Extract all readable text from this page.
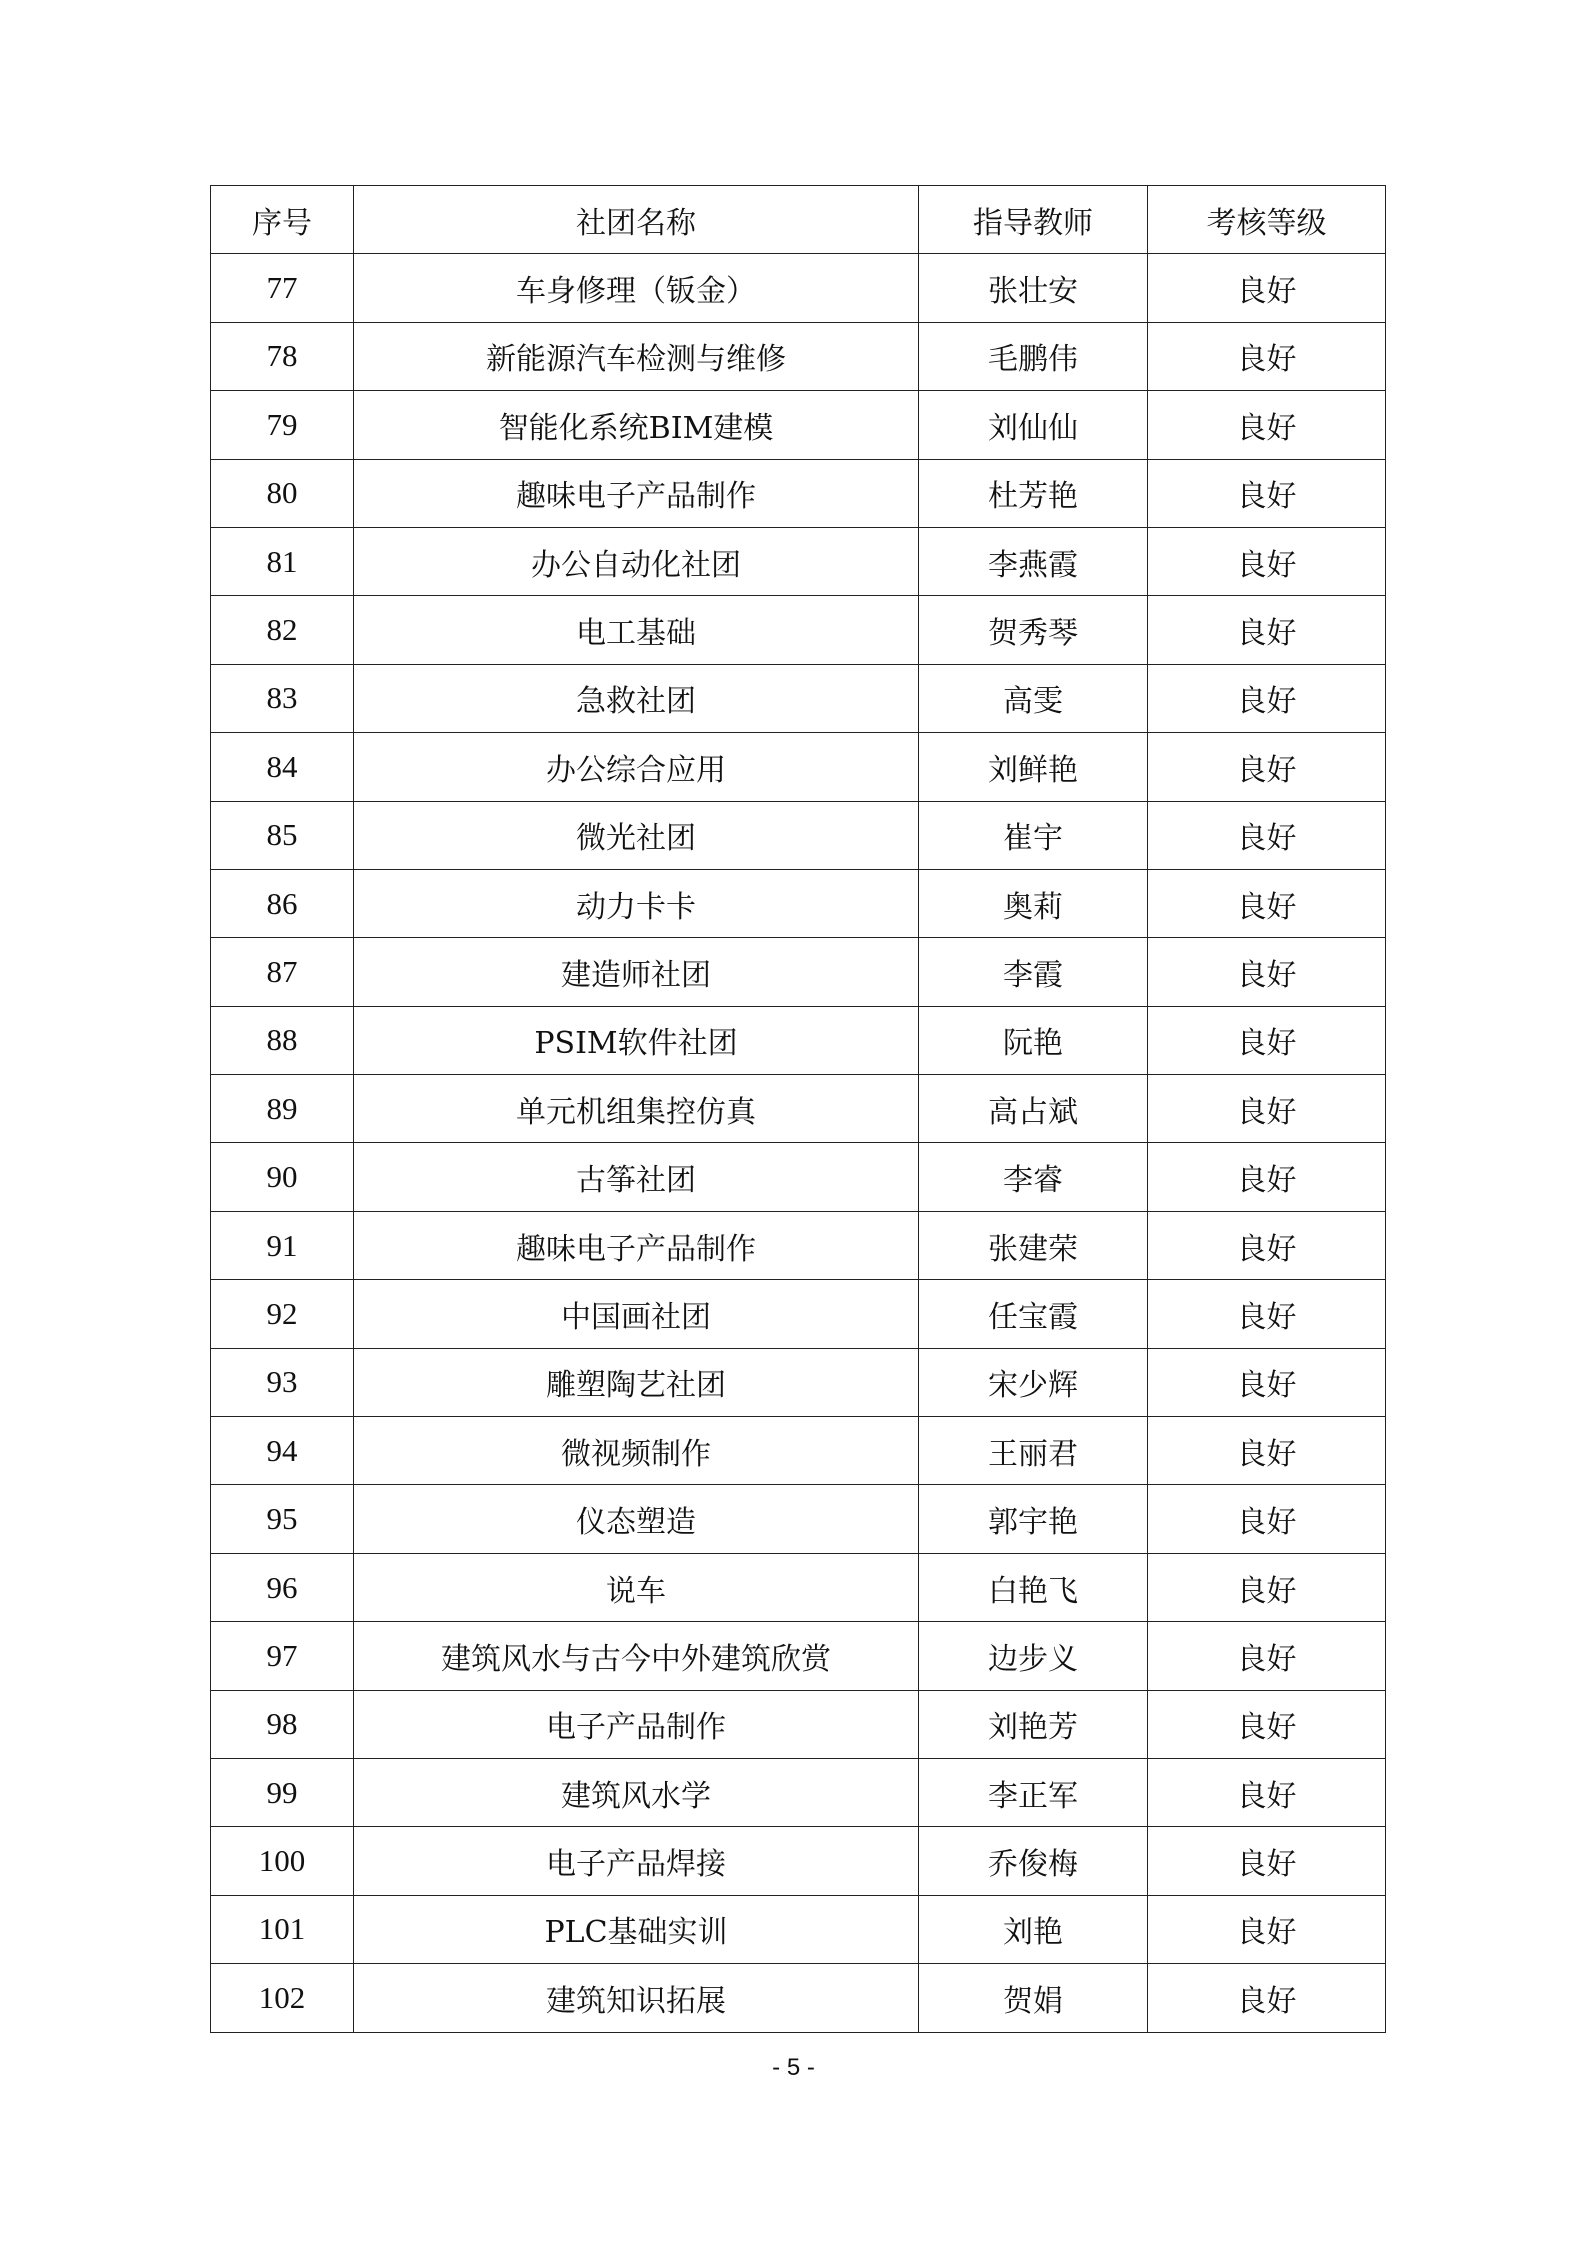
序号	社团名称	指导教师	考核等级
77	车身修理（钣金）	张壮安	良好
78	新能源汽车检测与维修	毛鹏伟	良好
79	智能化系统BIM建模	刘仙仙	良好
80	趣味电子产品制作	杜芳艳	良好
81	办公自动化社团	李燕霞	良好
82	电工基础	贺秀琴	良好
83	急救社团	高雯	良好
84	办公综合应用	刘鲜艳	良好
85	微光社团	崔宇	良好
86	动力卡卡	奥莉	良好
87	建造师社团	李霞	良好
88	PSIM软件社团	阮艳	良好
89	单元机组集控仿真	高占斌	良好
90	古筝社团	李睿	良好
91	趣味电子产品制作	张建荣	良好
92	中国画社团	任宝霞	良好
93	雕塑陶艺社团	宋少辉	良好
94	微视频制作	王丽君	良好
95	仪态塑造	郭宇艳	良好
96	说车	白艳飞	良好
97	建筑风水与古今中外建筑欣赏	边步义	良好
98	电子产品制作	刘艳芳	良好
99	建筑风水学	李正军	良好
100	电子产品焊接	乔俊梅	良好
101	PLC基础实训	刘艳	良好
102	建筑知识拓展	贺娟	良好
- 5 -
